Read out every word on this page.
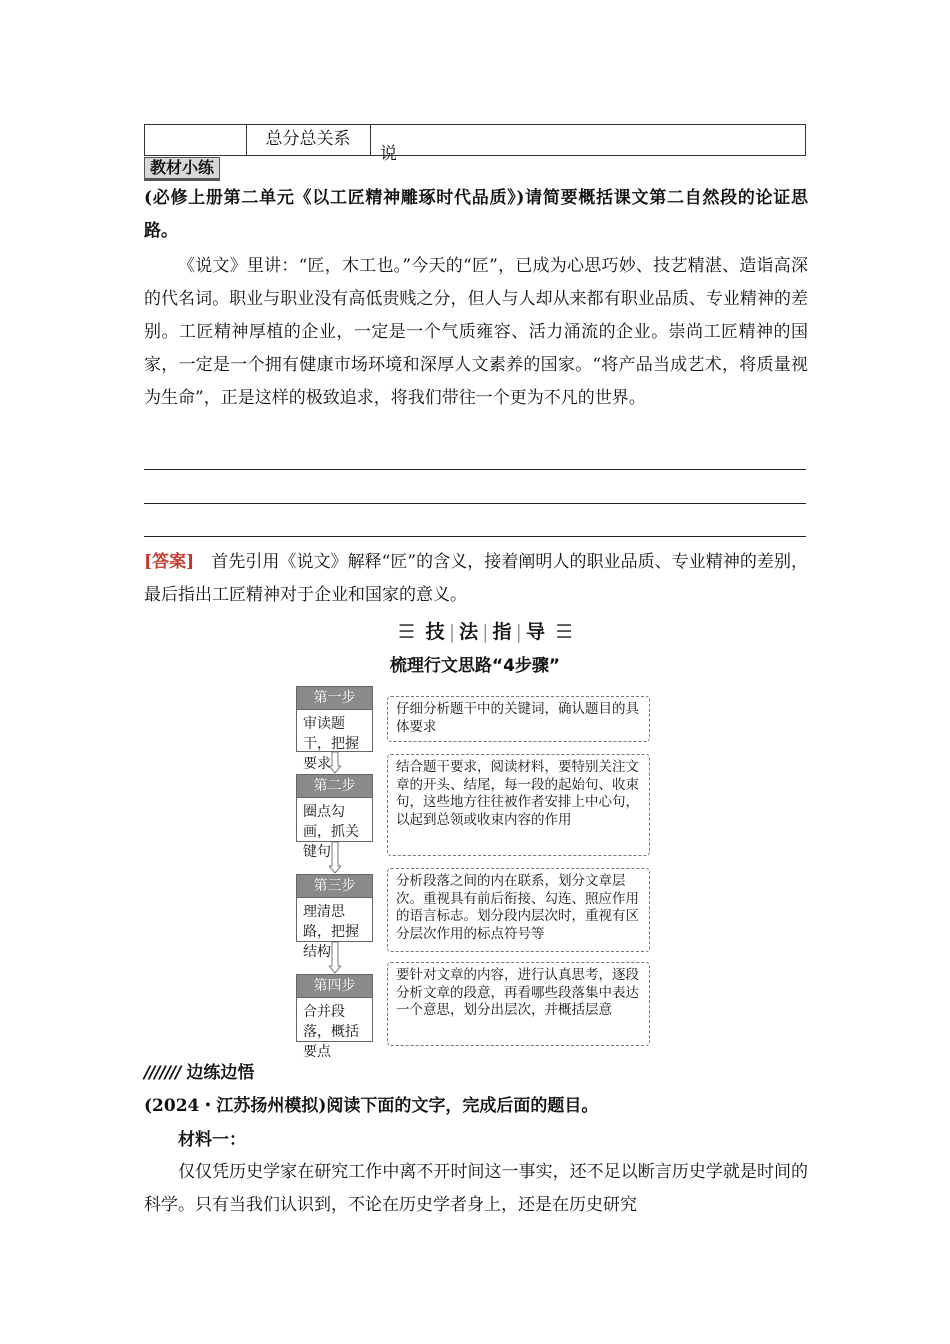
总分总关系
说
教材小练
(必修上册第二单元《以工匠精神雕琢时代品质》)请简要概括课文第二自然段的论证思路。
《说文》里讲：“匠，木工也。”今天的“匠”，已成为心思巧妙、技艺精湛、造诣高深的代名词。职业与职业没有高低贵贱之分，但人与人却从来都有职业品质、专业精神的差别。工匠精神厚植的企业，一定是一个气质雍容、活力涌流的企业。崇尚工匠精神的国家，一定是一个拥有健康市场环境和深厚人文素养的国家。“将产品当成艺术，将质量视为生命”，正是这样的极致追求，将我们带往一个更为不凡的世界。
[答案]　 首先引用《说文》解释“匠”的含义，接着阐明人的职业品质、专业精神的差别，最后指出工匠精神对于企业和国家的意义。
☰ 技 | 法 | 指 | 导 ☰
梳理行文思路“4步骤”
第一步
审读题干，把握要求
仔细分析题干中的关键词，确认题目的具体要求
第二步
圈点勾画，抓关键句
结合题干要求，阅读材料，要特别关注文章的开头、结尾，每一段的起始句、收束句，这些地方往往被作者安排上中心句，以起到总领或收束内容的作用
第三步
理清思路，把握结构
分析段落之间的内在联系，划分文章层次。重视具有前后衔接、勾连、照应作用的语言标志。划分段内层次时，重视有区分层次作用的标点符号等
第四步
合并段落，概括要点
要针对文章的内容，进行认真思考，逐段分析文章的段意，再看哪些段落集中表达一个意思，划分出层次，并概括层意
/////// 边练边悟
(2024・江苏扬州模拟)阅读下面的文字，完成后面的题目。
材料一：
仅仅凭历史学家在研究工作中离不开时间这一事实，还不足以断言历史学就是时间的科学。只有当我们认识到，不论在历史学者身上，还是在历史研究
